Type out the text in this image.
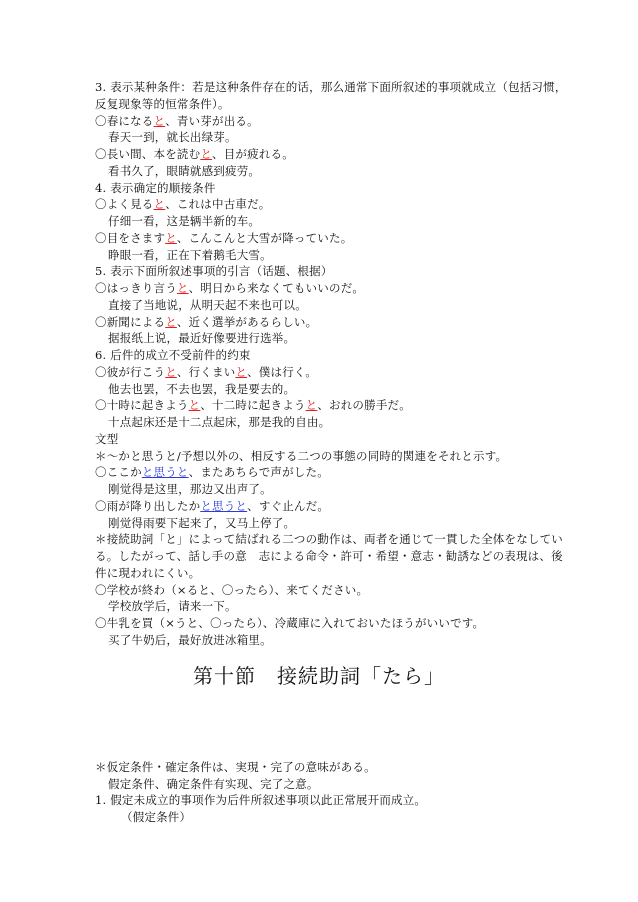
3. 表示某种条件：若是这种条件存在的话，那么通常下面所叙述的事项就成立（包括习惯，
反复现象等的恒常条件）。
〇春になると、青い芽が出る。
春天一到，就长出绿芽。
〇長い間、本を読むと、目が疲れる。
看书久了，眼睛就感到疲劳。
4. 表示确定的顺接条件
〇よく見ると、これは中古車だ。
仔细一看，这是辆半新的车。
〇目をさますと、こんこんと大雪が降っていた。
睁眼一看，正在下着鹅毛大雪。
5. 表示下面所叙述事项的引言（话题、根据）
〇はっきり言うと、明日から来なくてもいいのだ。
直接了当地说，从明天起不来也可以。
〇新聞によると、近く選挙があるらしい。
据报纸上说，最近好像要进行选举。
6. 后件的成立不受前件的约束
〇彼が行こうと、行くまいと、僕は行く。
他去也罢，不去也罢，我是要去的。
〇十時に起きようと、十二時に起きようと、おれの勝手だ。
十点起床还是十二点起床，那是我的自由。
文型
＊～かと思うと/予想以外の、相反する二つの事態の同時的関連をそれと示す。
〇ここかと思うと、またあちらで声がした。
刚觉得是这里，那边又出声了。
〇雨が降り出したかと思うと、すぐ止んだ。
刚觉得雨要下起来了，又马上停了。
＊接続助詞「と」によって結ばれる二つの動作は、両者を通じて一貫した全体をなしてい
る。したがって、話し手の意　志による命令・許可・希望・意志・勧誘などの表現は、後
件に現われにくい。
〇学校が終わ（×ると、〇ったら）、来てください。
学校放学后，请来一下。
〇牛乳を買（×うと、〇ったら）、冷蔵庫に入れておいたほうがいいです。
买了牛奶后，最好放进冰箱里。
第十節　接続助詞「たら」
＊仮定条件・確定条件は、実現・完了の意味がある。
假定条件、确定条件有实现、完了之意。
1. 假定未成立的事项作为后件所叙述事项以此正常展开而成立。
（假定条件）
